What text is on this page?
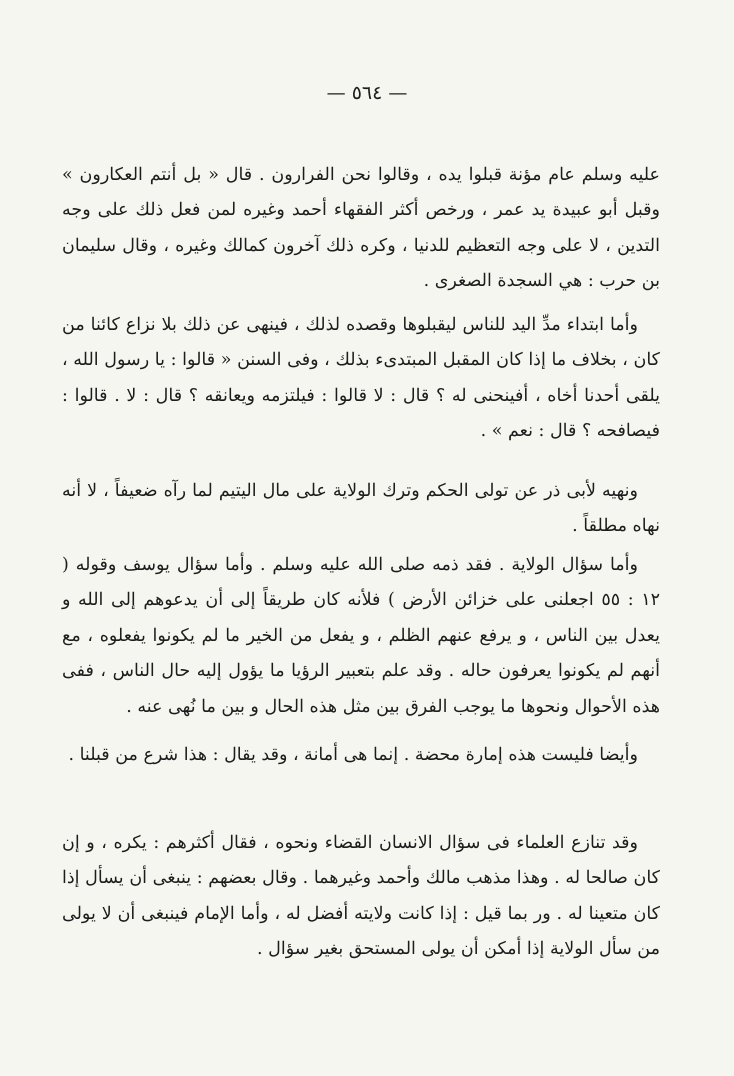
— ٥٦٤ —

عليه وسلم عام مؤنة قبلوا يده ، وقالوا نحن الفرارون . قال « بل أنتم العكارون » وقبل أبو عبيدة يد عمر ، ورخص أكثر الفقهاء أحمد وغيره لمن فعل ذلك على وجه التدين ، لا على وجه التعظيم للدنيا ، وكره ذلك آخرون كمالك وغيره ، وقال سليمان بن حرب : هي السجدة الصغرى .

وأما ابتداء مدِّ اليد للناس ليقبلوها وقصده لذلك ، فينهى عن ذلك بلا نزاع كائنا من كان ، بخلاف ما إذا كان المقبل المبتدىء بذلك ، وفى السنن « قالوا : يا رسول الله ، يلقى أحدنا أخاه ، أفينحنى له ؟ قال : لا قالوا : فيلتزمه ويعانقه ؟ قال : لا . قالوا : فيصافحه ؟ قال : نعم » .

ونهيه لأبى ذر عن تولى الحكم وترك الولاية على مال اليتيم لما رآه ضعيفاً ، لا أنه نهاه مطلقاً .

وأما سؤال الولاية . فقد ذمه صلى الله عليه وسلم . وأما سؤال يوسف وقوله ( ١٢ : ٥٥ اجعلنى على خزائن الأرض ) فلأنه كان طريقاً إلى أن يدعوهم إلى الله و يعدل بين الناس ، و يرفع عنهم الظلم ، و يفعل من الخير ما لم يكونوا يفعلوه ، مع أنهم لم يكونوا يعرفون حاله . وقد علم بتعبير الرؤيا ما يؤول إليه حال الناس ، ففى هذه الأحوال ونحوها ما يوجب الفرق بين مثل هذه الحال و بين ما نُهى عنه .

وأيضا فليست هذه إمارة محضة . إنما هى أمانة ، وقد يقال : هذا شرع من قبلنا .

وقد تنازع العلماء فى سؤال الانسان القضاء ونحوه ، فقال أكثرهم : يكره ، و إن كان صالحا له . وهذا مذهب مالك وأحمد وغيرهما . وقال بعضهم : ينبغى أن يسأل إذا كان متعينا له . ور بما قيل : إذا كانت ولايته أفضل له ، وأما الإمام فينبغى أن لا يولى من سأل الولاية إذا أمكن أن يولى المستحق بغير سؤال .
